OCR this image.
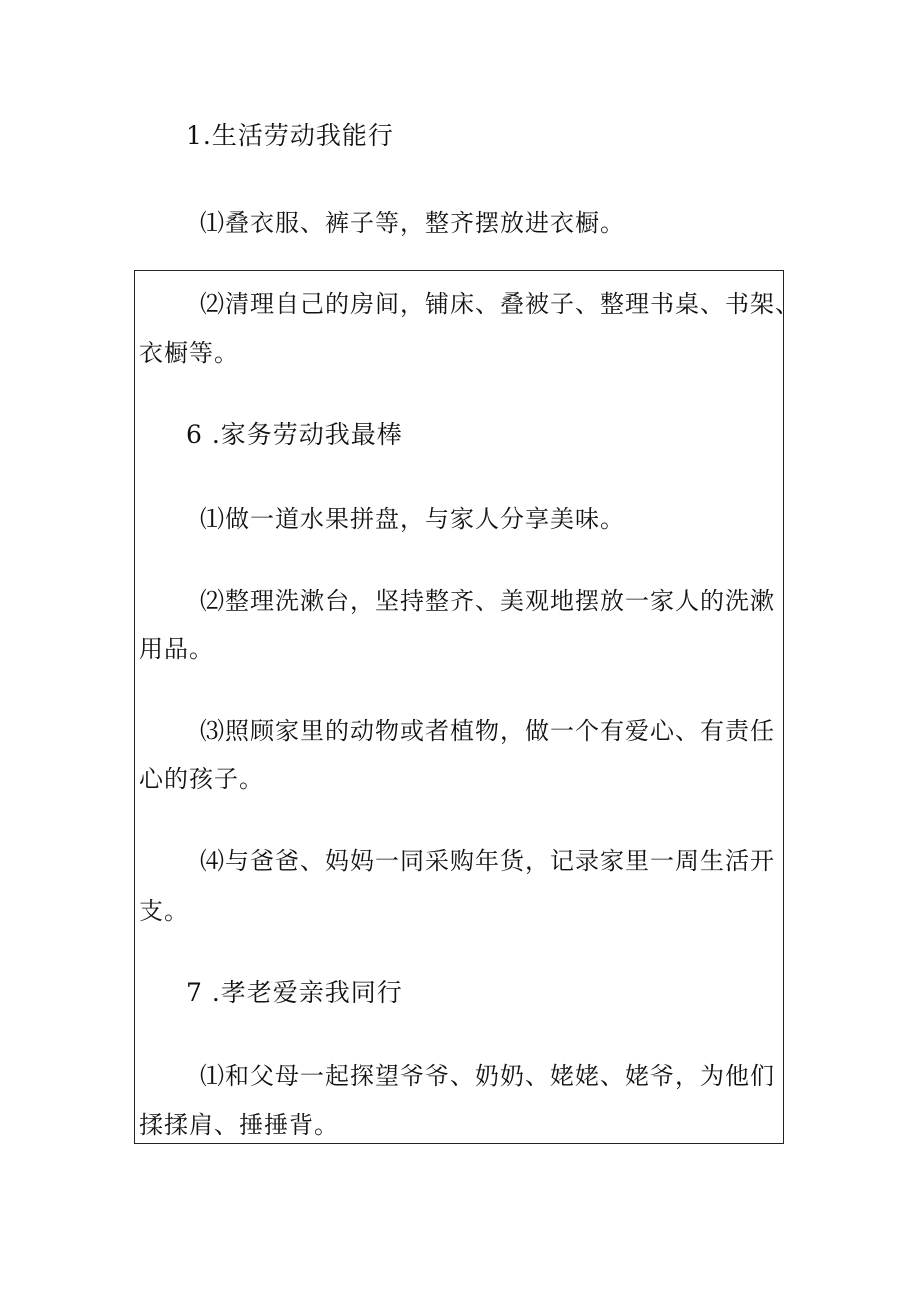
1.生活劳动我能行
⑴叠衣服、裤子等，整齐摆放进衣橱。
⑵清理自己的房间，铺床、叠被子、整理书桌、书架、
衣橱等。
6 .家务劳动我最棒
⑴做一道水果拼盘，与家人分享美味。
⑵整理洗漱台，坚持整齐、美观地摆放一家人的洗漱
用品。
⑶照顾家里的动物或者植物，做一个有爱心、有责任
心的孩子。
⑷与爸爸、妈妈一同采购年货，记录家里一周生活开
支。
7 .孝老爱亲我同行
⑴和父母一起探望爷爷、奶奶、姥姥、姥爷，为他们
揉揉肩、捶捶背。
